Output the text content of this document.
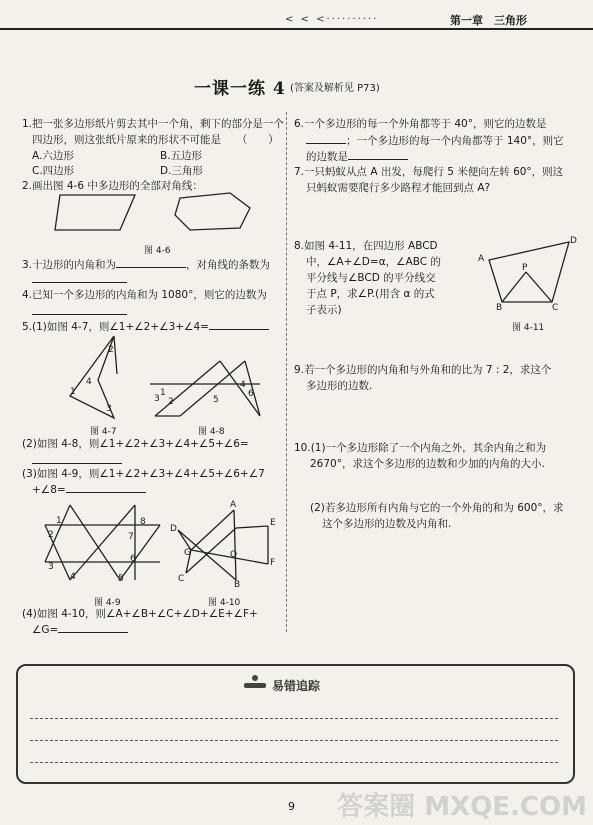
< < <··········	第一章　三角形
一课一练 4 (答案及解析见 P73)
1.把一张多边形纸片剪去其中一个角，剩下的部分是一个
四边形，则这张纸片原来的形状不可能是　　（　　）
A.六边形	B.五边形
C.四边形	D.三角形
2.画出图 4-6 中多边形的全部对角线：
图 4-6
3.十边形的内角和为	，对角线的条数为
4.已知一个多边形的内角和为 1080°，则它的边数为
5.(1)如图 4-7，则∠1+∠2+∠3+∠4=
1
2
3
4
图 4-7
1
2
3
4
5
6
图 4-8
(2)如图 4-8，则∠1+∠2+∠3+∠4+∠5+∠6=
(3)如图 4-9，则∠1+∠2+∠3+∠4+∠5+∠6+∠7
+∠8=
1
2
3
4	5
6
7
8
图 4-9
A
B
C
D
E
F
G	O
图 4-10
(4)如图 4-10，则∠A+∠B+∠C+∠D+∠E+∠F+
∠G=
6.一个多边形的每一个外角都等于 40°，则它的边数是
；一个多边形的每一个内角都等于 140°，则它
的边数是
7.一只蚂蚁从点 A 出发，每爬行 5 米便向左转 60°，则这
只蚂蚁需要爬行多少路程才能回到点 A?
8.如图 4-11，在四边形 ABCD
中，∠A+∠D=α，∠ABC 的
平分线与∠BCD 的平分线交
于点 P，求∠P.(用含 α 的式
子表示)
A
B	C
D
P
图 4-11
9.若一个多边形的内角和与外角和的比为 7 : 2，求这个
多边形的边数.
10.(1)一个多边形除了一个内角之外，其余内角之和为
2670°，求这个多边形的边数和少加的内角的大小.
(2)若多边形所有内角与它的一个外角的和为 600°，求
这个多边形的边数及内角和.
易错追踪
9 答案圈 MXQE.COM
